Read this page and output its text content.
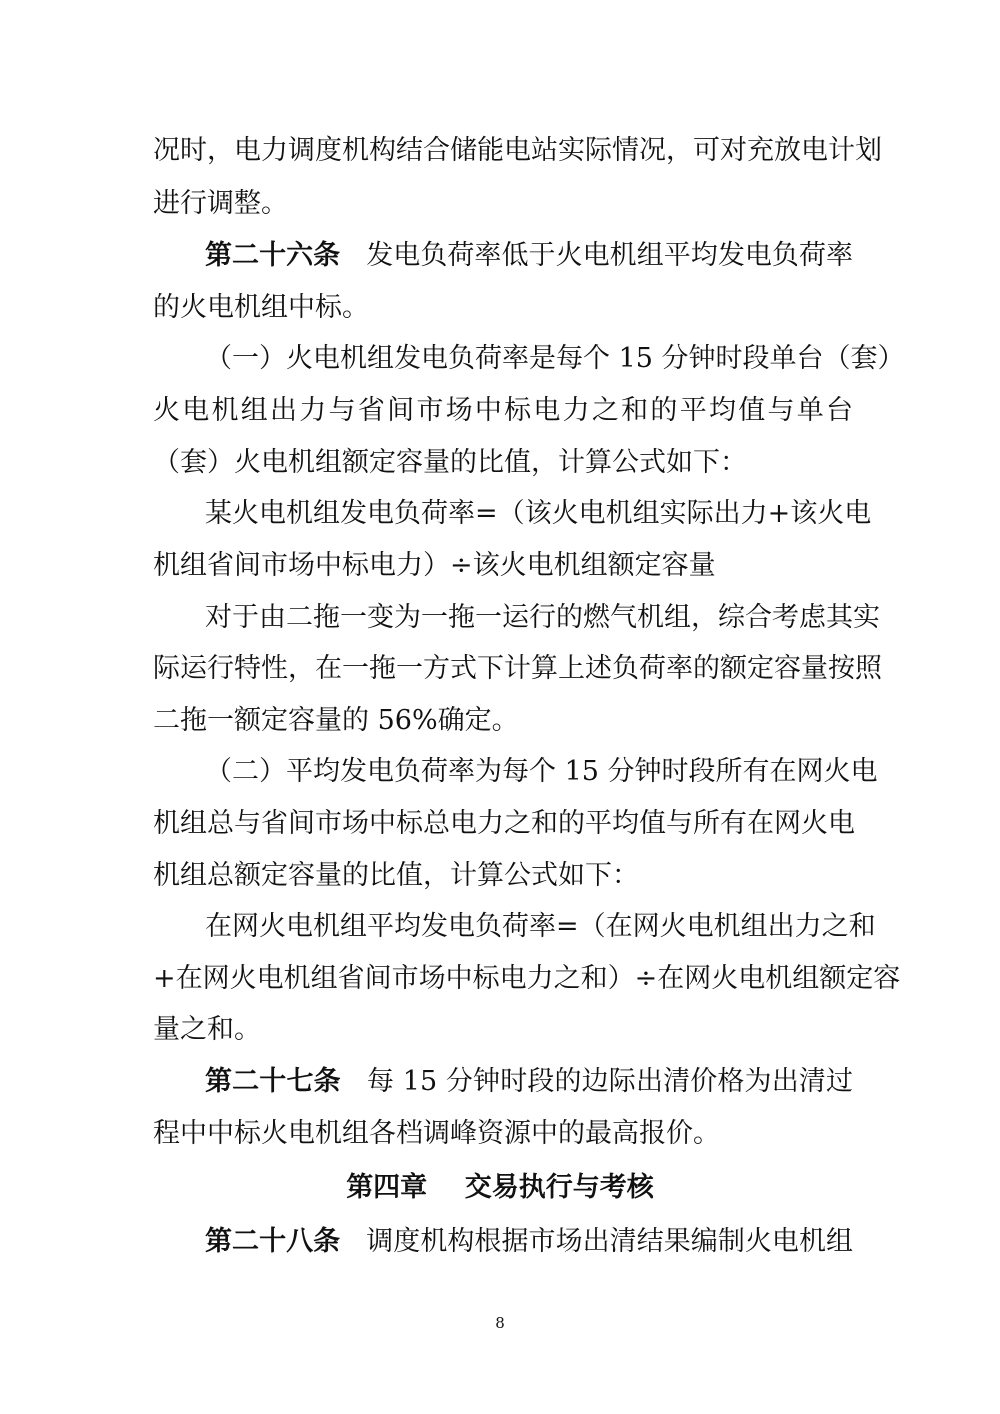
况时，电力调度机构结合储能电站实际情况，可对充放电计划
进行调整。
第二十六条 发电负荷率低于火电机组平均发电负荷率
的火电机组中标。
（一）火电机组发电负荷率是每个 15 分钟时段单台（套）
火电机组出力与省间市场中标电力之和的平均值与单台
（套）火电机组额定容量的比值，计算公式如下：
某火电机组发电负荷率=（该火电机组实际出力+该火电
机组省间市场中标电力）÷该火电机组额定容量
对于由二拖一变为一拖一运行的燃气机组，综合考虑其实
际运行特性，在一拖一方式下计算上述负荷率的额定容量按照
二拖一额定容量的 56%确定。
（二）平均发电负荷率为每个 15 分钟时段所有在网火电
机组总与省间市场中标总电力之和的平均值与所有在网火电
机组总额定容量的比值，计算公式如下：
在网火电机组平均发电负荷率=（在网火电机组出力之和
+在网火电机组省间市场中标电力之和）÷在网火电机组额定容
量之和。
第二十七条 每 15 分钟时段的边际出清价格为出清过
程中中标火电机组各档调峰资源中的最高报价。
第四章    交易执行与考核
第二十八条 调度机构根据市场出清结果编制火电机组
8
